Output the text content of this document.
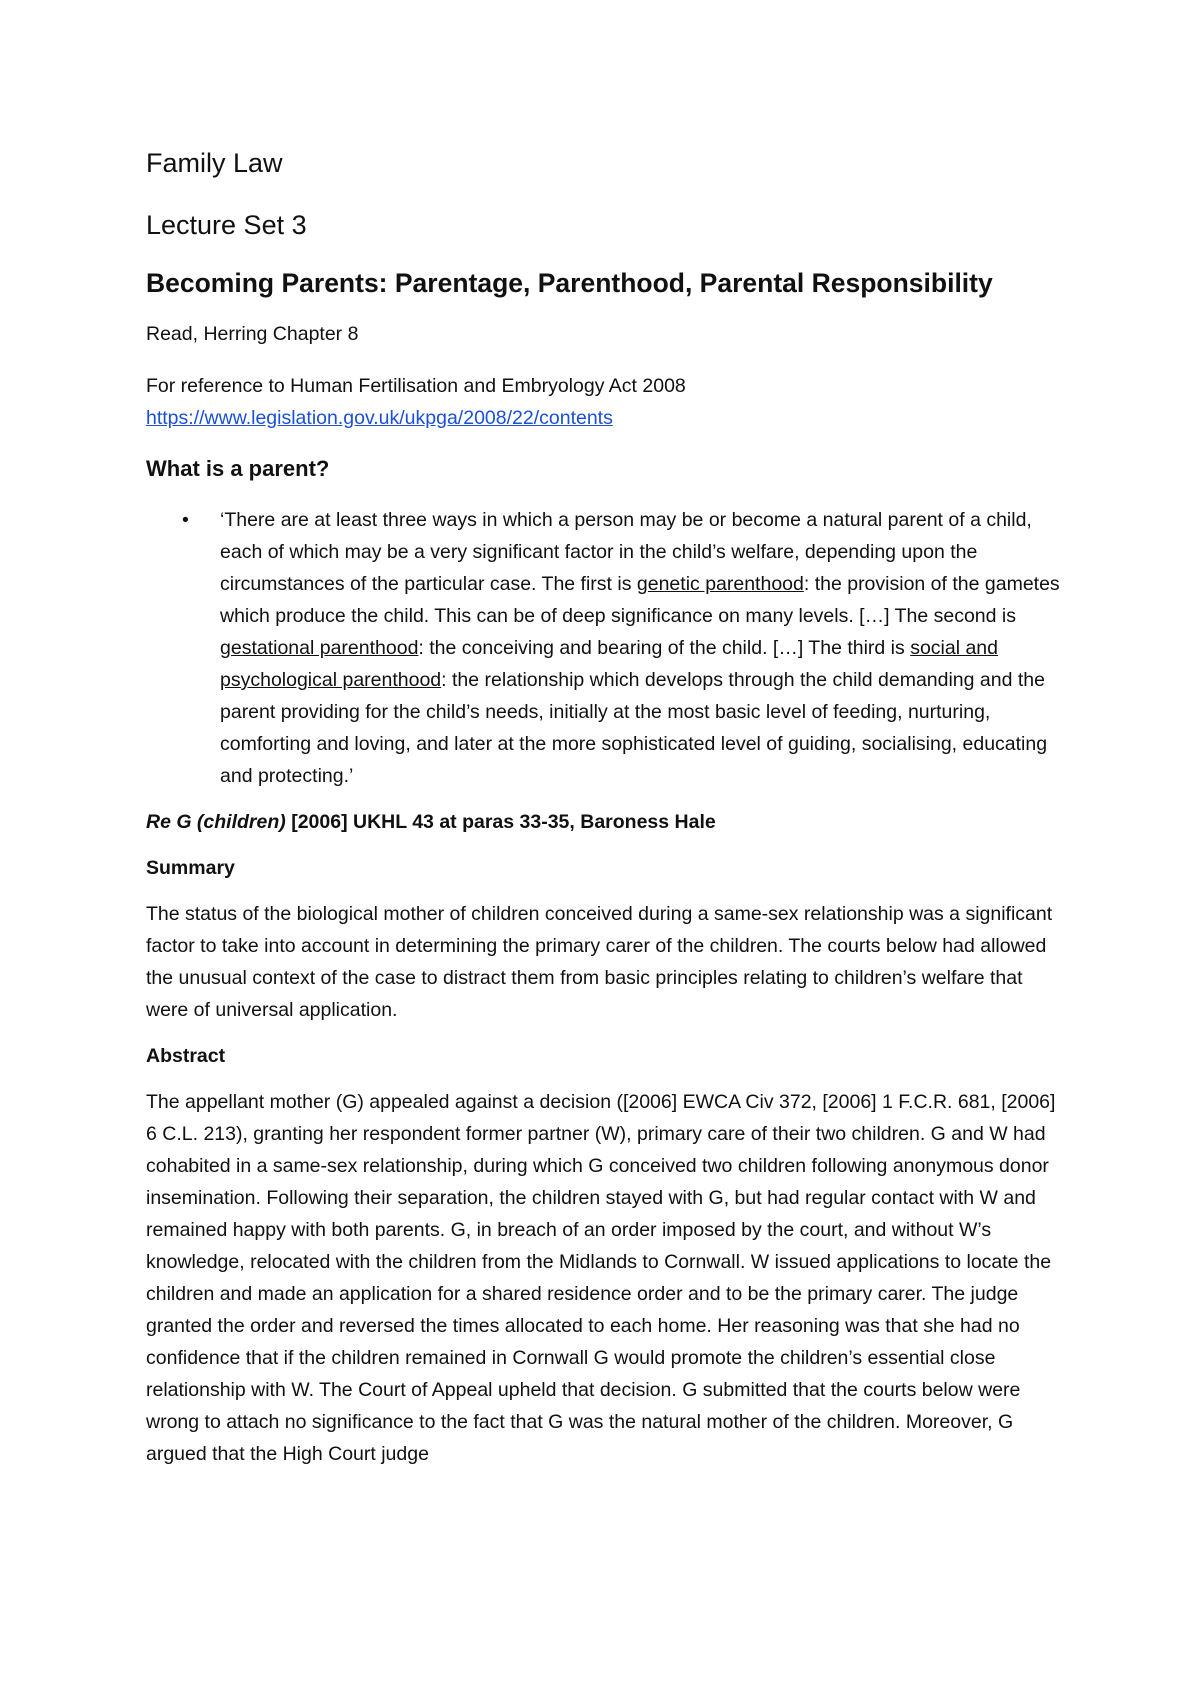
Family Law
Lecture Set 3
Becoming Parents: Parentage, Parenthood, Parental Responsibility

Read, Herring Chapter 8

For reference to Human Fertilisation and Embryology Act 2008

https://www.legislation.gov.uk/ukpga/2008/22/contents

What is a parent?
• ‘There are at least three ways in which a person may be or become a natural parent of a child, each of which may be a very significant factor in the child’s welfare, depending upon the circumstances of the particular case. The first is genetic parenthood: the provision of the gametes which produce the child. This can be of deep significance on many levels. […] The second is gestational parenthood: the conceiving and bearing of the child. […] The third is social and psychological parenthood: the relationship which develops through the child demanding and the parent providing for the child’s needs, initially at the most basic level of feeding, nurturing, comforting and loving, and later at the more sophisticated level of guiding, socialising, educating and protecting.’

Re G (children) [2006] UKHL 43 at paras 33-35, Baroness Hale

Summary

The status of the biological mother of children conceived during a same-sex relationship was a significant factor to take into account in determining the primary carer of the children. The courts below had allowed the unusual context of the case to distract them from basic principles relating to children’s welfare that were of universal application.

Abstract

The appellant mother (G) appealed against a decision ([2006] EWCA Civ 372, [2006] 1 F.C.R. 681, [2006] 6 C.L. 213), granting her respondent former partner (W), primary care of their two children. G and W had cohabited in a same-sex relationship, during which G conceived two children following anonymous donor insemination. Following their separation, the children stayed with G, but had regular contact with W and remained happy with both parents. G, in breach of an order imposed by the court, and without W’s knowledge, relocated with the children from the Midlands to Cornwall. W issued applications to locate the children and made an application for a shared residence order and to be the primary carer. The judge granted the order and reversed the times allocated to each home. Her reasoning was that she had no confidence that if the children remained in Cornwall G would promote the children’s essential close relationship with W. The Court of Appeal upheld that decision. G submitted that the courts below were wrong to attach no significance to the fact that G was the natural mother of the children. Moreover, G argued that the High Court judge
